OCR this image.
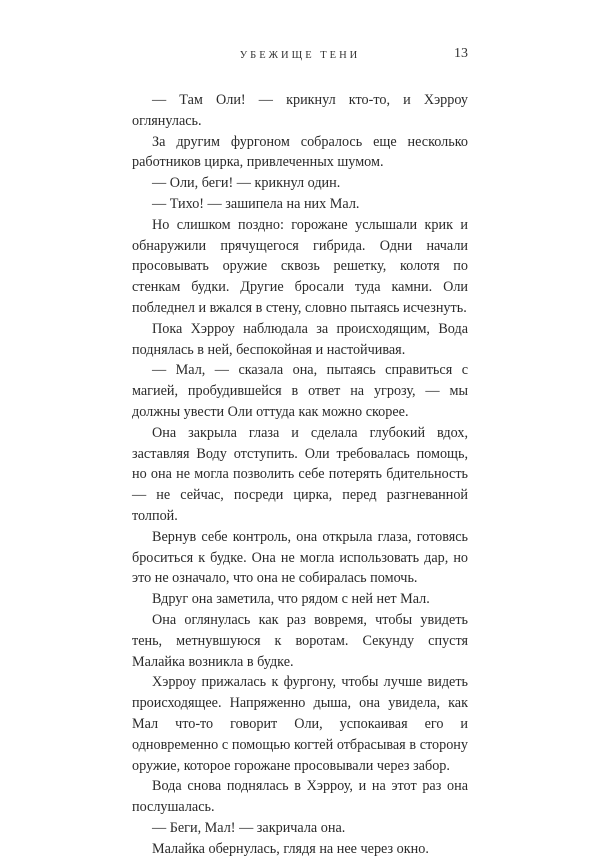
УБЕЖИЩЕ ТЕНИ	13

— Там Оли! — крикнул кто-то, и Хэрроу оглянулась.

За другим фургоном собралось еще несколько работников цирка, привлеченных шумом.

— Оли, беги! — крикнул один.

— Тихо! — зашипела на них Мал.

Но слишком поздно: горожане услышали крик и обнаружили прячущегося гибрида. Одни начали просовывать оружие сквозь решетку, колотя по стенкам будки. Другие бросали туда камни. Оли побледнел и вжался в стену, словно пытаясь исчезнуть.

Пока Хэрроу наблюдала за происходящим, Вода поднялась в ней, беспокойная и настойчивая.

— Мал, — сказала она, пытаясь справиться с магией, пробудившейся в ответ на угрозу, — мы должны увести Оли оттуда как можно скорее.

Она закрыла глаза и сделала глубокий вдох, заставляя Воду отступить. Оли требовалась помощь, но она не могла позволить себе потерять бдительность — не сейчас, посреди цирка, перед разгневанной толпой.

Вернув себе контроль, она открыла глаза, готовясь броситься к будке. Она не могла использовать дар, но это не означало, что она не собиралась помочь.

Вдруг она заметила, что рядом с ней нет Мал.

Она оглянулась как раз вовремя, чтобы увидеть тень, метнувшуюся к воротам. Секунду спустя Малайка возникла в будке.

Хэрроу прижалась к фургону, чтобы лучше видеть происходящее. Напряженно дыша, она увидела, как Мал что-то говорит Оли, успокаивая его и одновременно с помощью когтей отбрасывая в сторону оружие, которое горожане просовывали через забор.

Вода снова поднялась в Хэрроу, и на этот раз она послушалась.

— Беги, Мал! — закричала она.

Малайка обернулась, глядя на нее через окно.
